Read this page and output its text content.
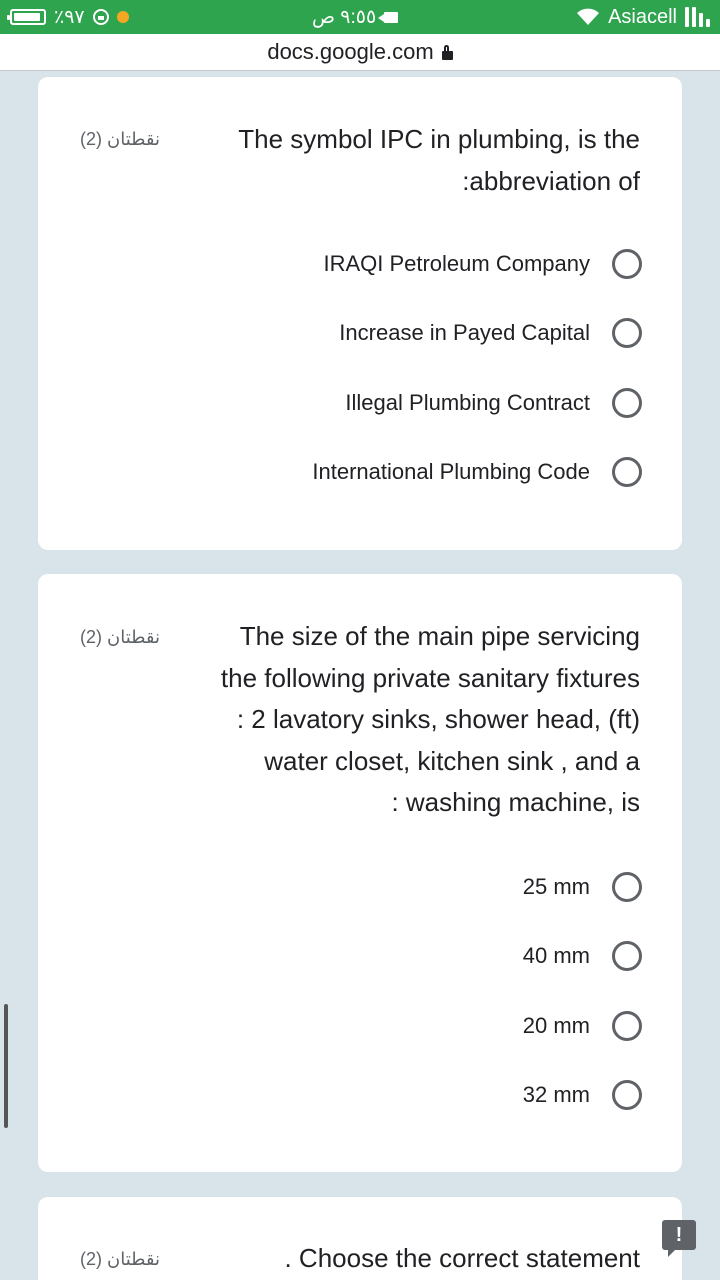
٪٩٧	٩:٥٥ ص	Asiacell
docs.google.com
نقطتان (2)	The symbol IPC in plumbing, is the
:abbreviation of
IRAQI Petroleum Company
Increase in Payed Capital
Illegal Plumbing Contract
International Plumbing Code
نقطتان (2)	The size of the main pipe servicing
the following private sanitary fixtures
: 2 lavatory sinks, shower head, (ft)
water closet, kitchen sink , and a
: washing machine, is
25 mm
40 mm
20 mm
32 mm
نقطتان (2)	. Choose the correct statement
!
